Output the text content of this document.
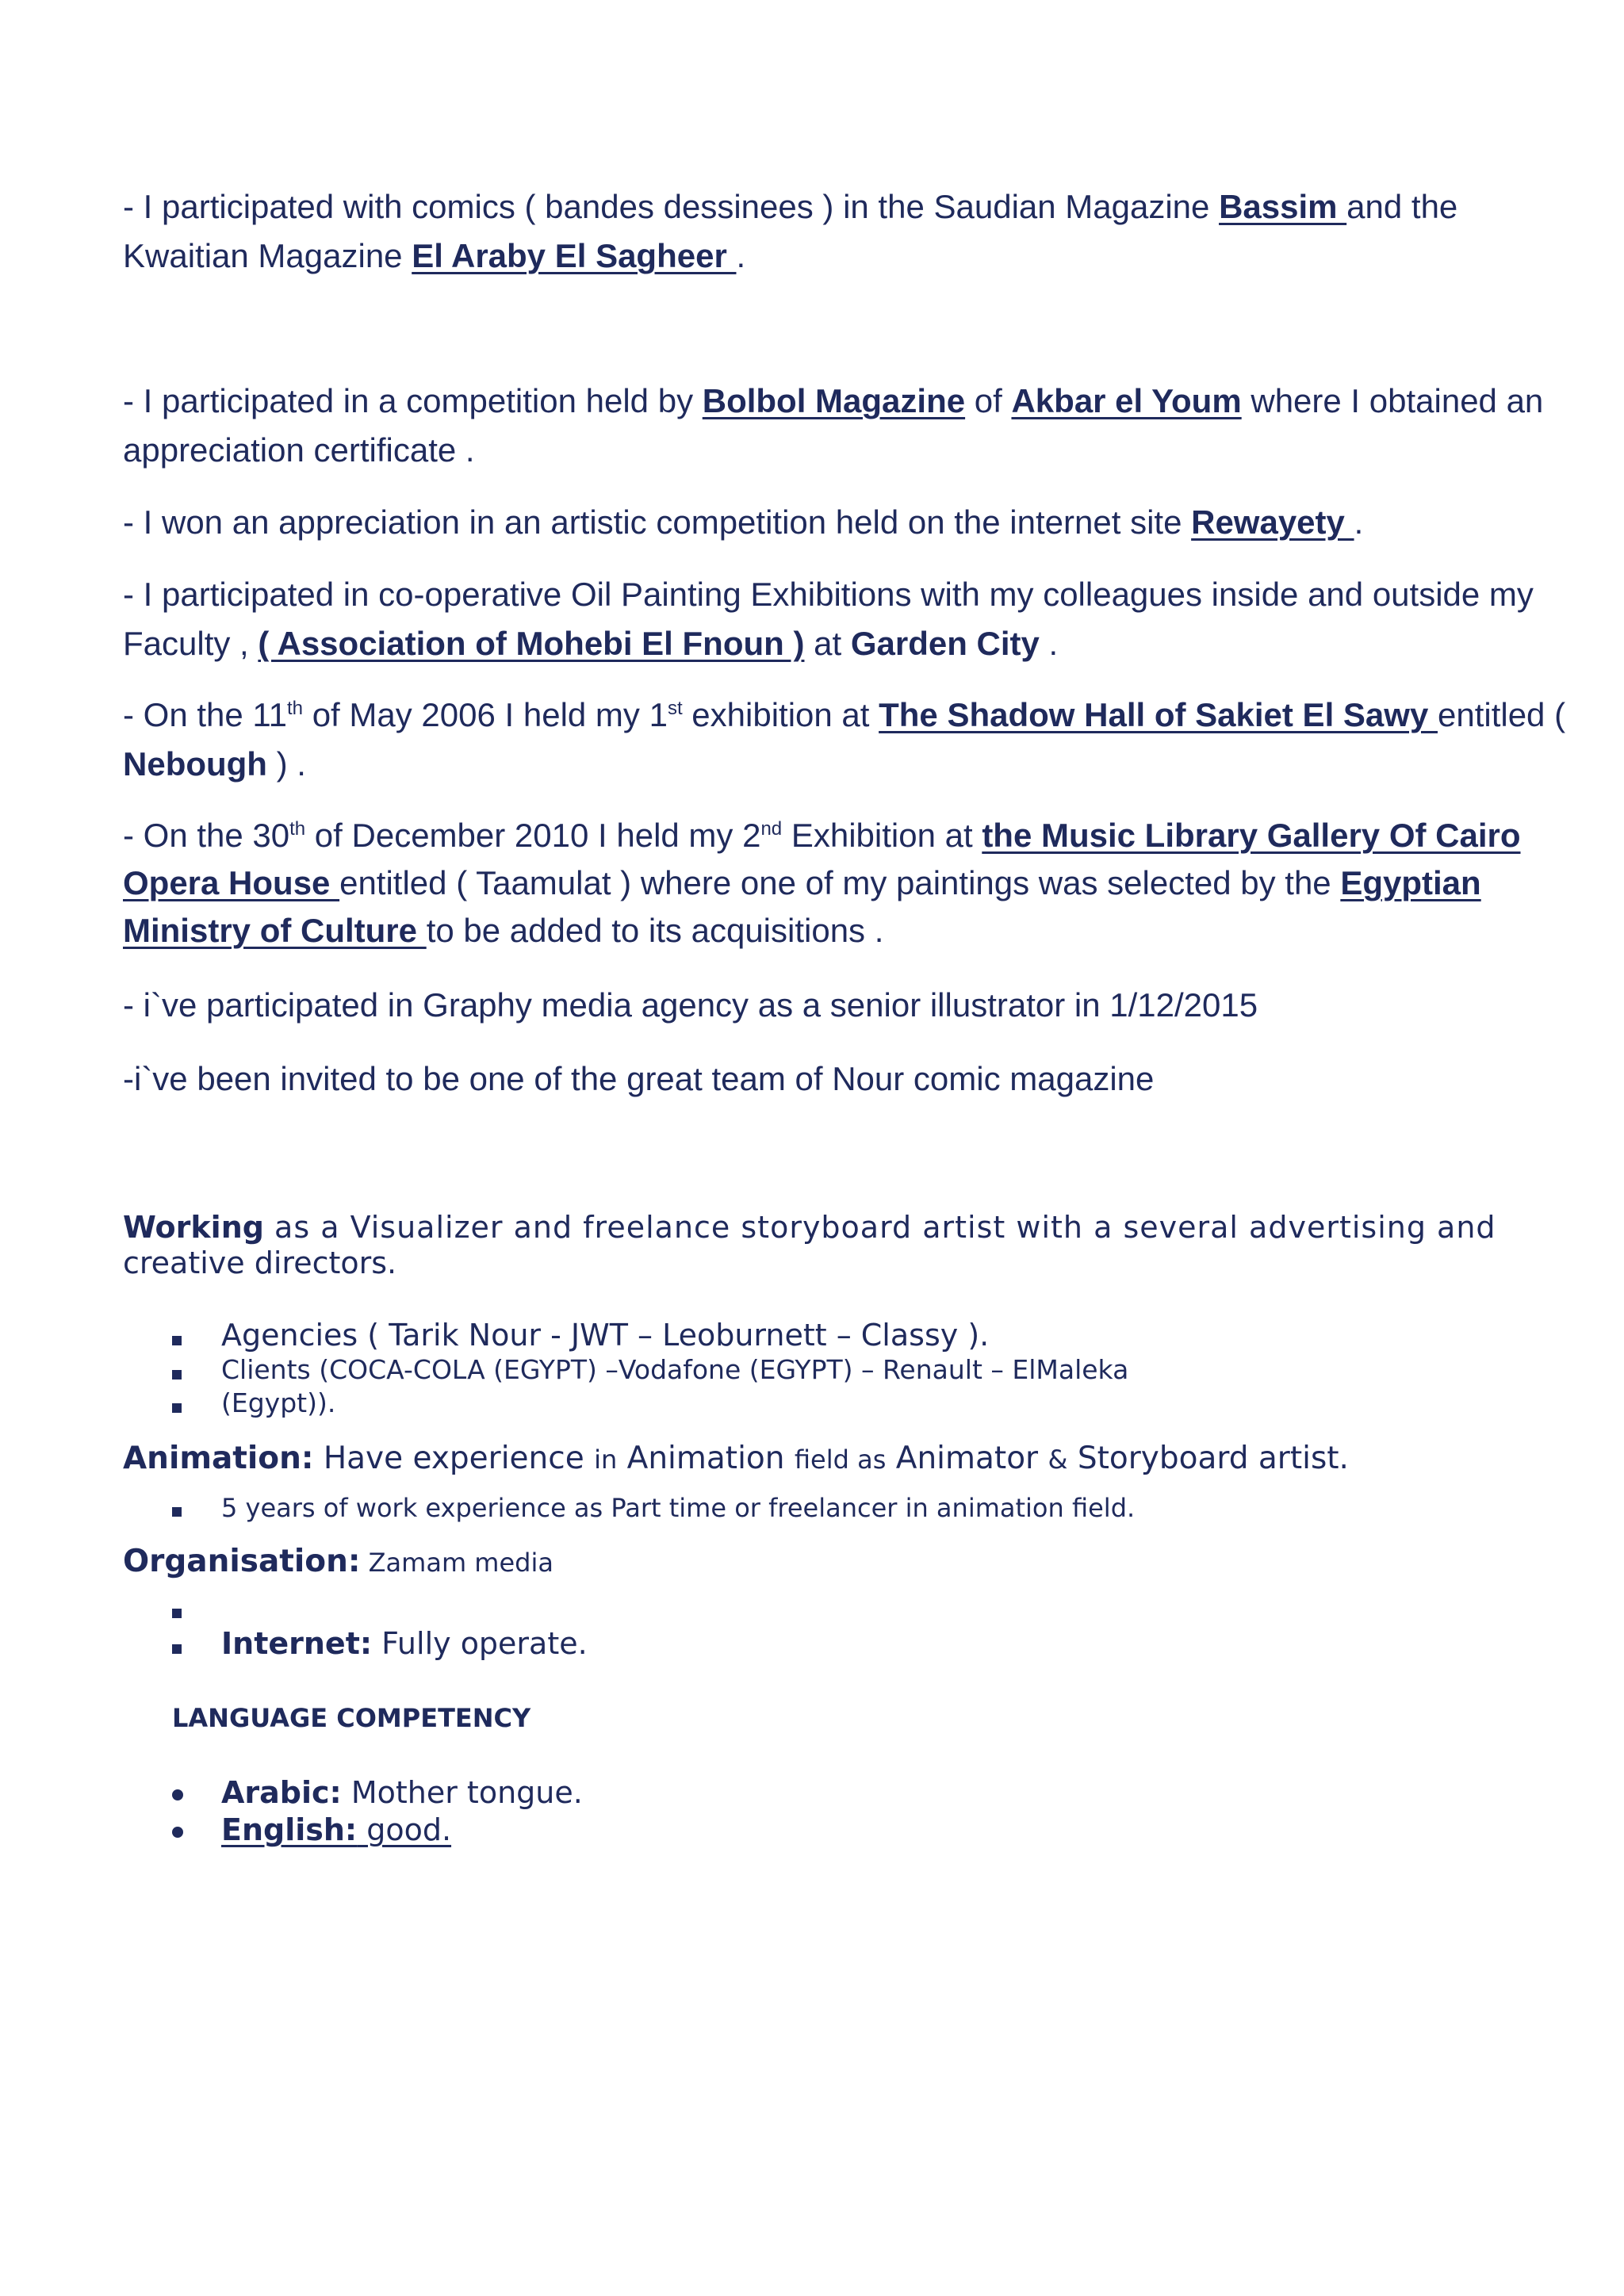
- I participated with comics ( bandes dessinees ) in the Saudian Magazine Bassim and the

Kwaitian Magazine El Araby El Sagheer .

- I participated in a competition held by Bolbol Magazine of Akbar el Youm where I obtained an

appreciation certificate .

- I won an appreciation in an artistic competition held on the internet site Rewayety .

- I participated in co-operative Oil Painting Exhibitions with my colleagues inside and outside my

Faculty , ( Association of Mohebi El Fnoun ) at Garden City .

- On the 11th of May 2006 I held my 1st exhibition at The Shadow Hall of Sakiet El Sawy entitled (

Nebough ) .

- On the 30th of December 2010 I held my 2nd Exhibition at the Music Library Gallery Of Cairo

Opera House entitled ( Taamulat ) where one of my paintings was selected by the Egyptian

Ministry of Culture to be added to its acquisitions .

- i`ve participated in Graphy media agency as a senior illustrator in 1/12/2015

-i`ve been invited to be one of the great team of Nour comic magazine

Working as a Visualizer and freelance storyboard artist with a several advertising and
creative directors.
Agencies ( Tarik Nour - JWT – Leoburnett – Classy ).
Clients (COCA-COLA (EGYPT) –Vodafone (EGYPT) – Renault – ElMaleka
(Egypt)).
Animation: Have experience in Animation field as Animator & Storyboard artist.
5 years of work experience as Part time or freelancer in animation field.
Organisation: Zamam media
Internet: Fully operate.
LANGUAGE COMPETENCY
Arabic: Mother tongue.
English: good.
